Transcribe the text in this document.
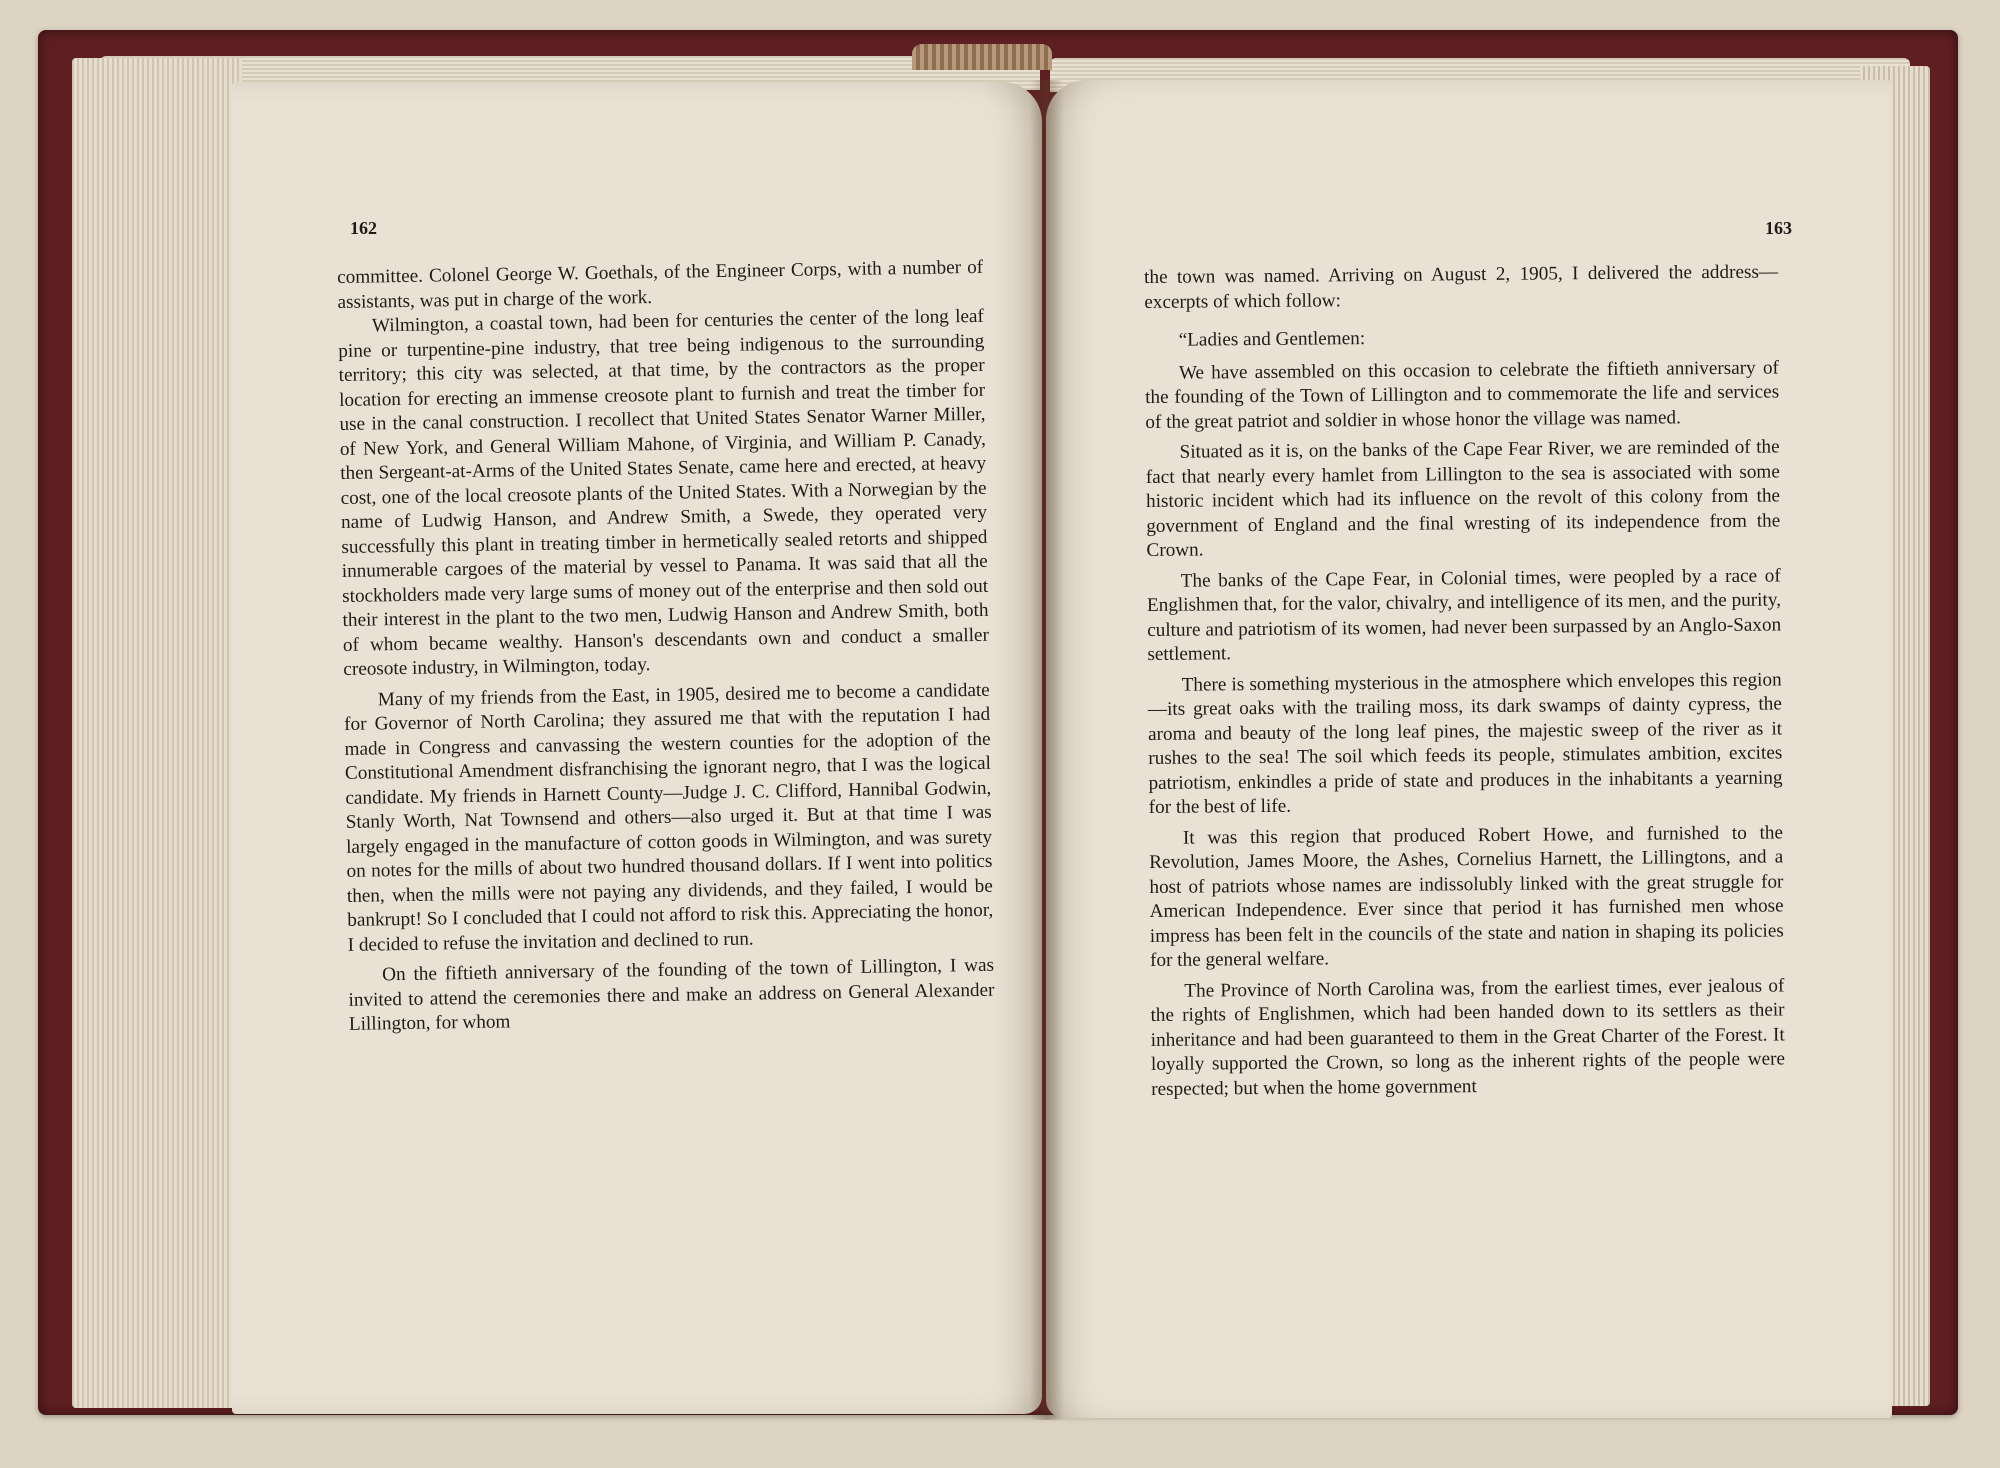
162

committee. Colonel George W. Goethals, of the Engineer Corps, with a number of assistants, was put in charge of the work.

Wilmington, a coastal town, had been for centuries the center of the long leaf pine or turpentine-pine industry, that tree being indigenous to the surrounding territory; this city was selected, at that time, by the contractors as the proper location for erecting an immense creosote plant to furnish and treat the timber for use in the canal construction. I recollect that United States Senator Warner Miller, of New York, and General William Mahone, of Virginia, and William P. Canady, then Sergeant-at-Arms of the United States Senate, came here and erected, at heavy cost, one of the local creosote plants of the United States. With a Norwegian by the name of Ludwig Hanson, and Andrew Smith, a Swede, they operated very successfully this plant in treating timber in hermetically sealed retorts and shipped innumerable cargoes of the material by vessel to Panama. It was said that all the stockholders made very large sums of money out of the enterprise and then sold out their interest in the plant to the two men, Ludwig Hanson and Andrew Smith, both of whom became wealthy. Hanson's descendants own and conduct a smaller creosote industry, in Wilmington, today.

Many of my friends from the East, in 1905, desired me to become a candidate for Governor of North Carolina; they assured me that with the reputation I had made in Congress and canvassing the western counties for the adoption of the Constitutional Amendment disfranchising the ignorant negro, that I was the logical candidate. My friends in Harnett County—Judge J. C. Clifford, Hannibal Godwin, Stanly Worth, Nat Townsend and others—also urged it. But at that time I was largely engaged in the manufacture of cotton goods in Wilmington, and was surety on notes for the mills of about two hundred thousand dollars. If I went into politics then, when the mills were not paying any dividends, and they failed, I would be bankrupt! So I concluded that I could not afford to risk this. Appreciating the honor, I decided to refuse the invitation and declined to run.

On the fiftieth anniversary of the founding of the town of Lillington, I was invited to attend the ceremonies there and make an address on General Alexander Lillington, for whom

163

the town was named. Arriving on August 2, 1905, I delivered the address—excerpts of which follow:

“Ladies and Gentlemen:

We have assembled on this occasion to celebrate the fiftieth anniversary of the founding of the Town of Lillington and to commemorate the life and services of the great patriot and soldier in whose honor the village was named.

Situated as it is, on the banks of the Cape Fear River, we are reminded of the fact that nearly every hamlet from Lillington to the sea is associated with some historic incident which had its influence on the revolt of this colony from the government of England and the final wresting of its independence from the Crown.

The banks of the Cape Fear, in Colonial times, were peopled by a race of Englishmen that, for the valor, chivalry, and intelligence of its men, and the purity, culture and patriotism of its women, had never been surpassed by an Anglo-Saxon settlement.

There is something mysterious in the atmosphere which envelopes this region—its great oaks with the trailing moss, its dark swamps of dainty cypress, the aroma and beauty of the long leaf pines, the majestic sweep of the river as it rushes to the sea! The soil which feeds its people, stimulates ambition, excites patriotism, enkindles a pride of state and produces in the inhabitants a yearning for the best of life.

It was this region that produced Robert Howe, and furnished to the Revolution, James Moore, the Ashes, Cornelius Harnett, the Lillingtons, and a host of patriots whose names are indissolubly linked with the great struggle for American Independence. Ever since that period it has furnished men whose impress has been felt in the councils of the state and nation in shaping its policies for the general welfare.

The Province of North Carolina was, from the earliest times, ever jealous of the rights of Englishmen, which had been handed down to its settlers as their inheritance and had been guaranteed to them in the Great Charter of the Forest. It loyally supported the Crown, so long as the inherent rights of the people were respected; but when the home government
